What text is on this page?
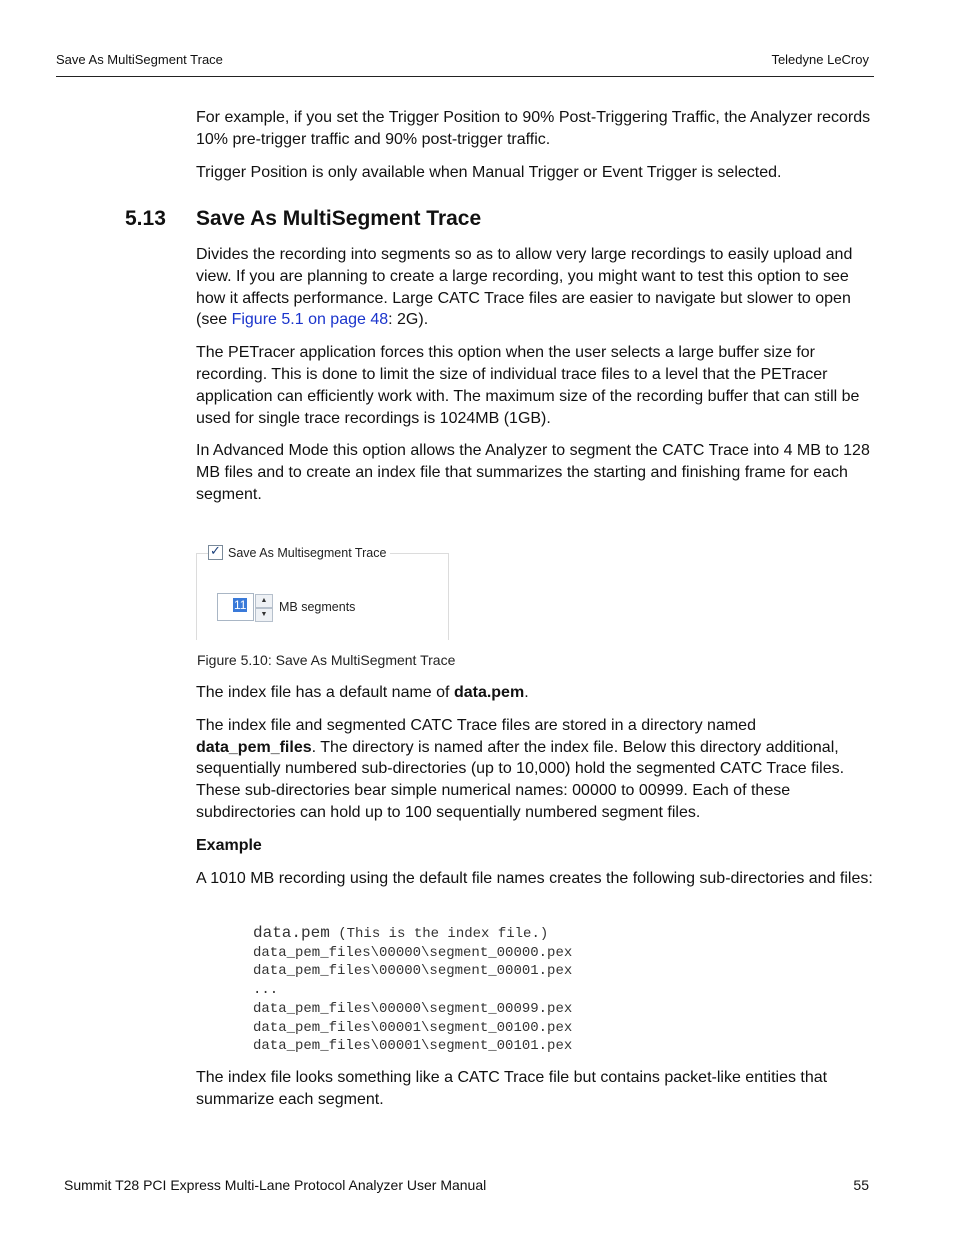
Save As MultiSegment Trace	Teledyne LeCroy

For example, if you set the Trigger Position to 90% Post-Triggering Traffic, the Analyzer records 10% pre-trigger traffic and 90% post-trigger traffic.

Trigger Position is only available when Manual Trigger or Event Trigger is selected.

5.13 Save As MultiSegment Trace

Divides the recording into segments so as to allow very large recordings to easily upload and view. If you are planning to create a large recording, you might want to test this option to see how it affects performance. Large CATC Trace files are easier to navigate but slower to open (see Figure 5.1 on page 48: 2G).

The PETracer application forces this option when the user selects a large buffer size for recording. This is done to limit the size of individual trace files to a level that the PETracer application can efficiently work with. The maximum size of the recording buffer that can still be used for single trace recordings is 1024MB (1GB).

In Advanced Mode this option allows the Analyzer to segment the CATC Trace into 4 MB to 128 MB files and to create an index file that summarizes the starting and finishing frame for each segment.

✓ Save As Multisegment Trace
11	▲
▼
MB segments
Figure 5.10: Save As MultiSegment Trace

The index file has a default name of data.pem.

The index file and segmented CATC Trace files are stored in a directory named data_pem_files. The directory is named after the index file. Below this directory additional, sequentially numbered sub-directories (up to 10,000) hold the segmented CATC Trace files. These sub-directories bear simple numerical names: 00000 to 00999. Each of these subdirectories can hold up to 100 sequentially numbered segment files.

Example

A 1010 MB recording using the default file names creates the following sub-directories and files:

data.pem (This is the index file.)
data_pem_files\00000\segment_00000.pex
data_pem_files\00000\segment_00001.pex
...
data_pem_files\00000\segment_00099.pex
data_pem_files\00001\segment_00100.pex
data_pem_files\00001\segment_00101.pex

The index file looks something like a CATC Trace file but contains packet-like entities that summarize each segment.

Summit T28 PCI Express Multi-Lane Protocol Analyzer User Manual	55
